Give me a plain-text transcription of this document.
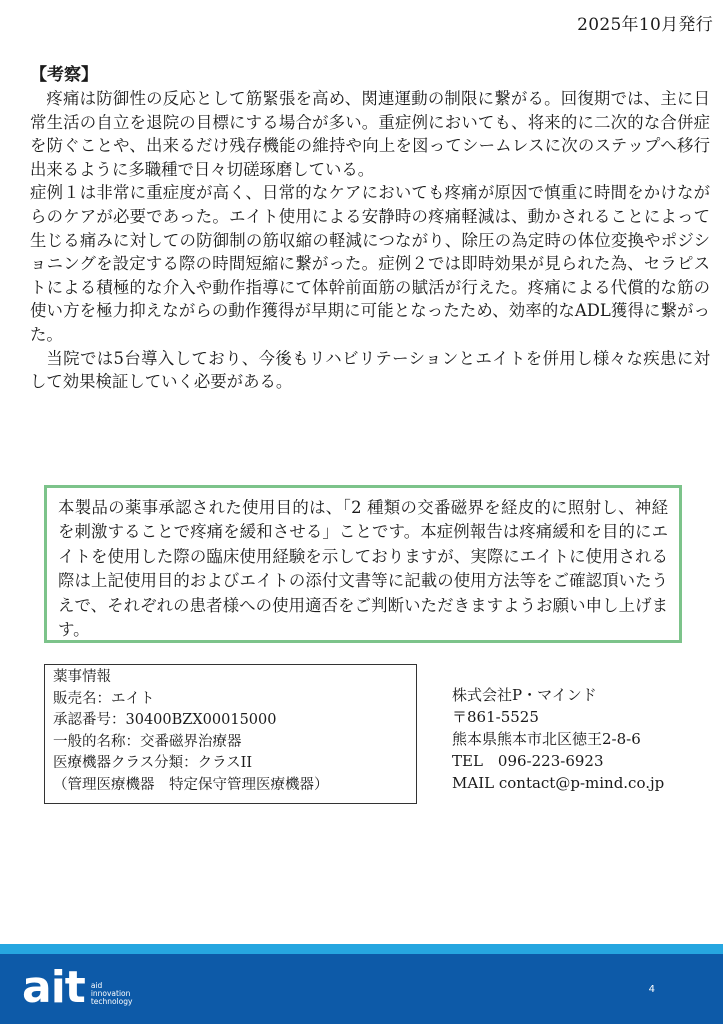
2025年10月発行
【考察】

疼痛は防御性の反応として筋緊張を高め、関連運動の制限に繋がる。回復期では、主に日常生活の自立を退院の目標にする場合が多い。重症例においても、将来的に二次的な合併症を防ぐことや、出来るだけ残存機能の維持や向上を図ってシームレスに次のステップへ移行出来るように多職種で日々切磋琢磨している。

症例１は非常に重症度が高く、日常的なケアにおいても疼痛が原因で慎重に時間をかけながらのケアが必要であった。エイト使用による安静時の疼痛軽減は、動かされることによって生じる痛みに対しての防御制の筋収縮の軽減につながり、除圧の為定時の体位変換やポジショニングを設定する際の時間短縮に繋がった。症例２では即時効果が見られた為、セラピストによる積極的な介入や動作指導にて体幹前面筋の賦活が行えた。疼痛による代償的な筋の使い方を極力抑えながらの動作獲得が早期に可能となったため、効率的なADL獲得に繋がった。

当院では5台導入しており、今後もリハビリテーションとエイトを併用し様々な疾患に対して効果検証していく必要がある。

本製品の薬事承認された使用目的は、「2 種類の交番磁界を経皮的に照射し、神経を刺激することで疼痛を緩和させる」ことです。本症例報告は疼痛緩和を目的にエイトを使用した際の臨床使用経験を示しておりますが、実際にエイトに使用される際は上記使用目的およびエイトの添付文書等に記載の使用方法等をご確認頂いたうえで、それぞれの患者様への使用適否をご判断いただきますようお願い申し上げます。
薬事情報
販売名：エイト
承認番号：30400BZX00015000
一般的名称：交番磁界治療器
医療機器クラス分類：クラスII
（管理医療機器　特定保守管理医療機器）
株式会社P・マインド
〒861-5525
熊本県熊本市北区徳王2-8-6
TEL　096-223-6923
MAIL contact@p-mind.co.jp
ait aid
innovation
technology
4
